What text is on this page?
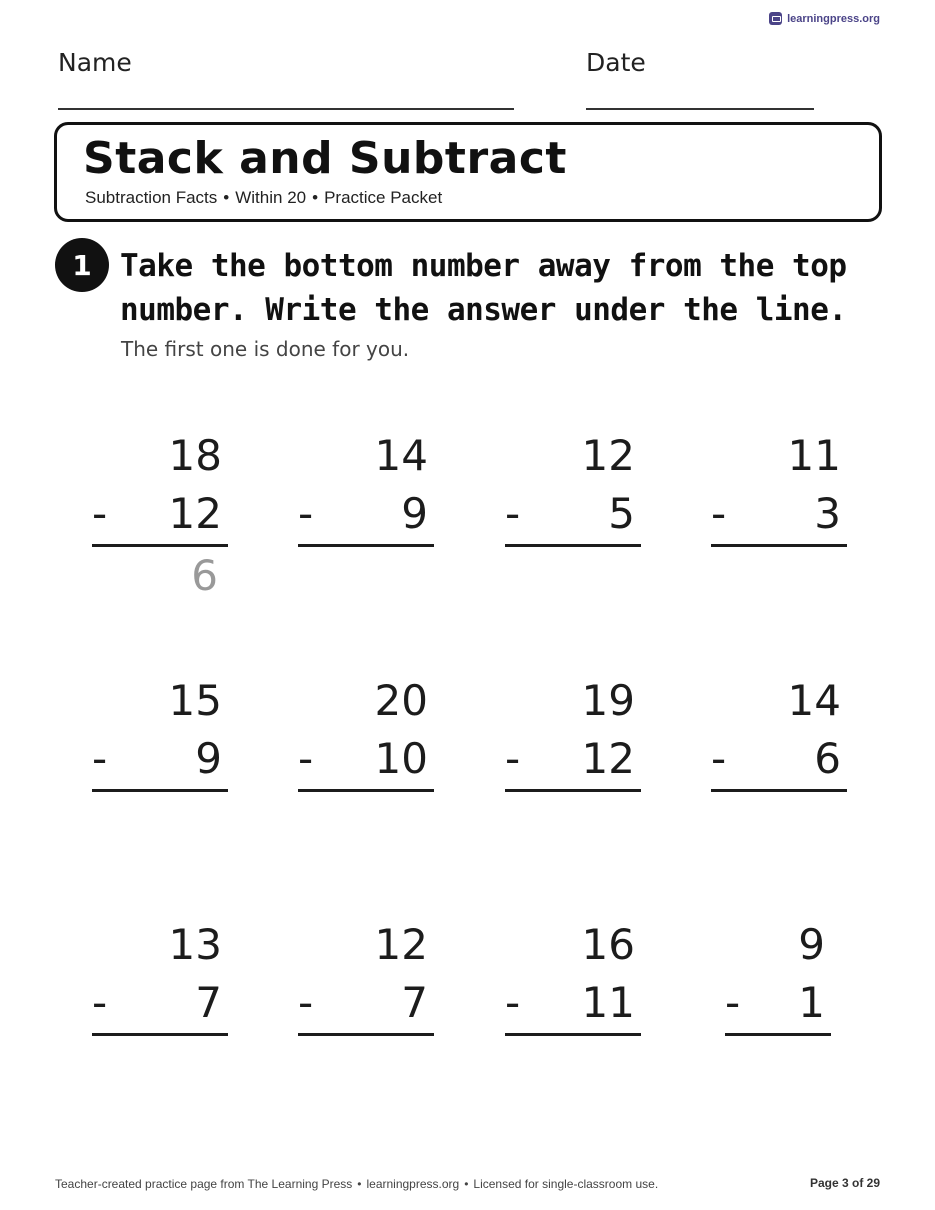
learningpress.org
Name	Date
Stack and Subtract
Subtraction Facts • Within 20 • Practice Packet
1 Take the bottom number away from the top number. Write the answer under the line.

The first one is done for you.
18
- 12
6
14
- 9
12
- 5
11
- 3
15
- 9
20
- 10
19
- 12
14
- 6
13
- 7
12
- 7
16
- 11
9
- 1
Teacher-created practice page from The Learning Press • learningpress.org • Licensed for single-classroom use.	Page 3 of 29
